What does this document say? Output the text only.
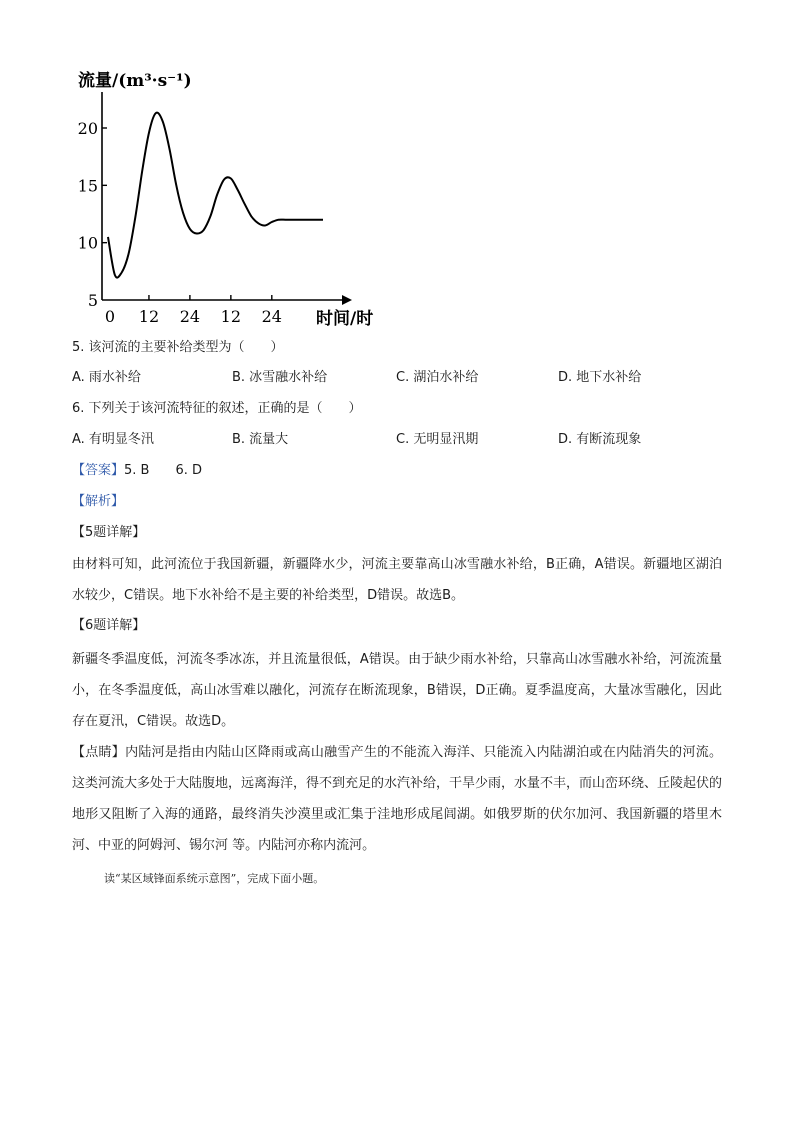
流量/(m³·s⁻¹)
20
15
10
5
0 12 24 12 24 时间/时
5. 该河流的主要补给类型为（　　）
A. 雨水补给	B. 冰雪融水补给	C. 湖泊水补给	D. 地下水补给
6. 下列关于该河流特征的叙述，正确的是（　　）
A. 有明显冬汛	B. 流量大	C. 无明显汛期	D. 有断流现象
【答案】5. B　　6. D
【解析】
【5题详解】
由材料可知，此河流位于我国新疆，新疆降水少，河流主要靠高山冰雪融水补给，B正确，A错误。新疆地区湖泊水较少，C错误。地下水补给不是主要的补给类型，D错误。故选B。
【6题详解】
新疆冬季温度低，河流冬季冰冻，并且流量很低，A错误。由于缺少雨水补给，只靠高山冰雪融水补给，河流流量小，在冬季温度低，高山冰雪难以融化，河流存在断流现象，B错误，D正确。夏季温度高，大量冰雪融化，因此存在夏汛，C错误。故选D。
【点睛】内陆河是指由内陆山区降雨或高山融雪产生的不能流入海洋、只能流入内陆湖泊或在内陆消失的河流。这类河流大多处于大陆腹地，远离海洋，得不到充足的水汽补给，干旱少雨，水量不丰，而山峦环绕、丘陵起伏的地形又阻断了入海的通路，最终消失沙漠里或汇集于洼地形成尾闾湖。如俄罗斯的伏尔加河、我国新疆的塔里木河、中亚的阿姆河、锡尔河 等。内陆河亦称内流河。
读“某区域锋面系统示意图”，完成下面小题。
